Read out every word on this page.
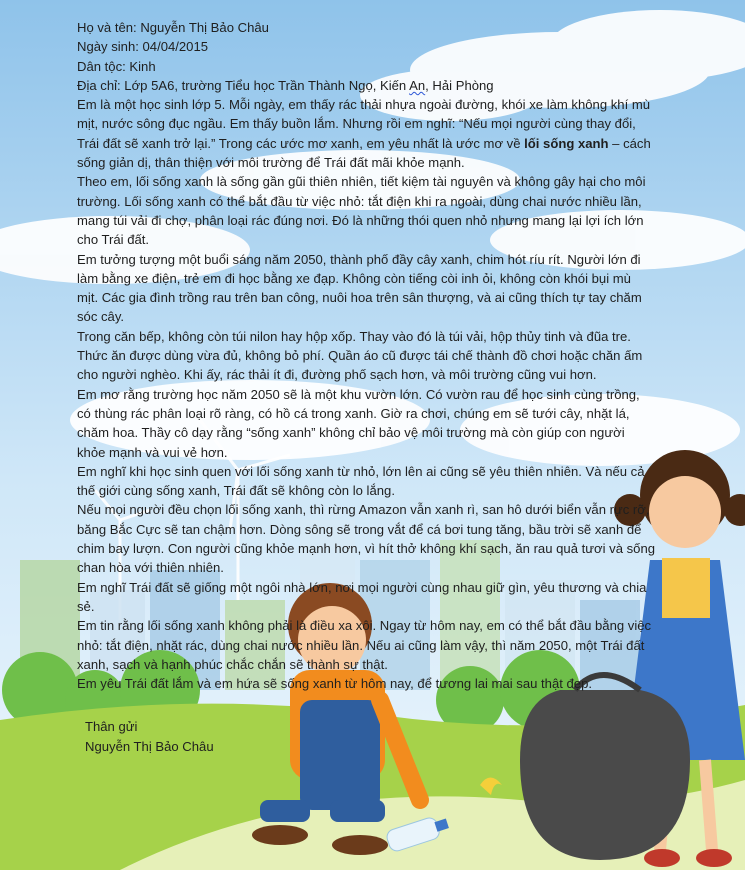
Họ và tên: Nguyễn Thị Bảo Châu

Ngày sinh: 04/04/2015

Dân tộc: Kinh

Địa chỉ: Lớp 5A6, trường Tiểu học Trần Thành Ngọ, Kiến An, Hải Phòng

Em là một học sinh lớp 5. Mỗi ngày, em thấy rác thải nhựa ngoài đường, khói xe làm không khí mù mịt, nước sông đục ngầu. Em thấy buồn lắm. Nhưng rồi em nghĩ: “Nếu mọi người cùng thay đổi, Trái đất sẽ xanh trở lại.” Trong các ước mơ xanh, em yêu nhất là ước mơ về lối sống xanh – cách sống giản dị, thân thiện với môi trường để Trái đất mãi khỏe mạnh.

Theo em, lối sống xanh là sống gần gũi thiên nhiên, tiết kiệm tài nguyên và không gây hại cho môi trường. Lối sống xanh có thể bắt đầu từ việc nhỏ: tắt điện khi ra ngoài, dùng chai nước nhiều lần, mang túi vải đi chợ, phân loại rác đúng nơi. Đó là những thói quen nhỏ nhưng mang lại lợi ích lớn cho Trái đất.

Em tưởng tượng một buổi sáng năm 2050, thành phố đầy cây xanh, chim hót ríu rít. Người lớn đi làm bằng xe điện, trẻ em đi học bằng xe đạp. Không còn tiếng còi inh ỏi, không còn khói bụi mù mịt. Các gia đình trồng rau trên ban công, nuôi hoa trên sân thượng, và ai cũng thích tự tay chăm sóc cây.

Trong căn bếp, không còn túi nilon hay hộp xốp. Thay vào đó là túi vải, hộp thủy tinh và đũa tre. Thức ăn được dùng vừa đủ, không bỏ phí. Quần áo cũ được tái chế thành đồ chơi hoặc chăn ấm cho người nghèo. Khi ấy, rác thải ít đi, đường phố sạch hơn, và môi trường cũng vui hơn.

Em mơ rằng trường học năm 2050 sẽ là một khu vườn lớn. Có vườn rau để học sinh cùng trồng, có thùng rác phân loại rõ ràng, có hồ cá trong xanh. Giờ ra chơi, chúng em sẽ tưới cây, nhặt lá, chăm hoa. Thầy cô dạy rằng “sống xanh” không chỉ bảo vệ môi trường mà còn giúp con người khỏe mạnh và vui vẻ hơn.

Em nghĩ khi học sinh quen với lối sống xanh từ nhỏ, lớn lên ai cũng sẽ yêu thiên nhiên. Và nếu cả thế giới cùng sống xanh, Trái đất sẽ không còn lo lắng.

Nếu mọi người đều chọn lối sống xanh, thì rừng Amazon vẫn xanh rì, san hô dưới biển vẫn rực rỡ, băng Bắc Cực sẽ tan chậm hơn. Dòng sông sẽ trong vắt để cá bơi tung tăng, bầu trời sẽ xanh để chim bay lượn. Con người cũng khỏe mạnh hơn, vì hít thở không khí sạch, ăn rau quả tươi và sống chan hòa với thiên nhiên.

Em nghĩ Trái đất sẽ giống một ngôi nhà lớn, nơi mọi người cùng nhau giữ gìn, yêu thương và chia sẻ.

Em tin rằng lối sống xanh không phải là điều xa xôi. Ngay từ hôm nay, em có thể bắt đầu bằng việc nhỏ: tắt điện, nhặt rác, dùng chai nước nhiều lần. Nếu ai cũng làm vậy, thì năm 2050, một Trái đất xanh, sạch và hạnh phúc chắc chắn sẽ thành sự thật.

Em yêu Trái đất lắm và em hứa sẽ sống xanh từ hôm nay, để tương lai mai sau thật đẹp.

Thân gửi

Nguyễn Thị Bảo Châu
